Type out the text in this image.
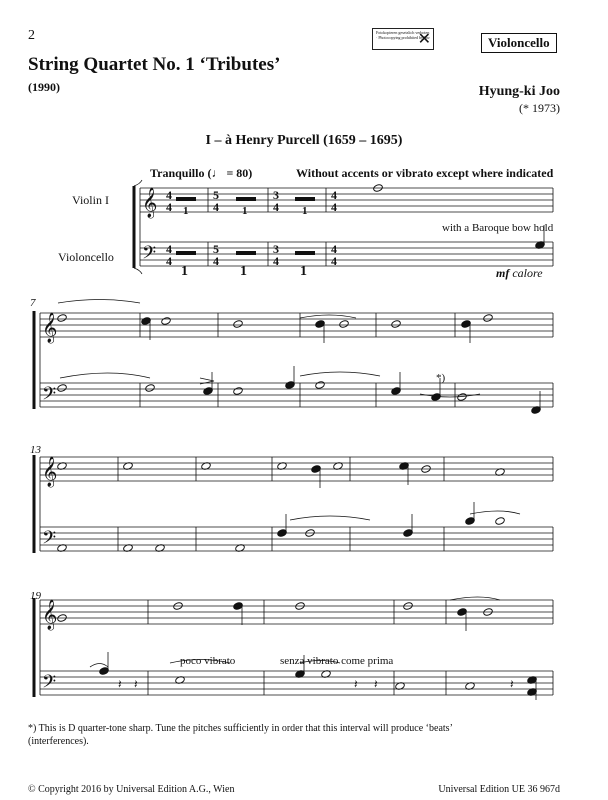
2	Fotokopieren gesetzlich verboten · Photocopying prohibited by law
✕	Violoncello
String Quartet No. 1 ‘Tributes’
(1990)	Hyung-ki Joo
(* 1973)
I – à Henry Purcell (1659 – 1695)
Tranquillo (♩ = 80)	Without accents or vibrato except where indicated
Violin I
Violoncello
with a Baroque bow hold
mf calore
1	1	1
1	1	1
7
13
19
*)
poco vibrato	senza vibrato come prima
𝄞
𝄢
𝄞
𝄢
𝄞
𝄢
𝄞
𝄢
4
4
5
4
3
4
4
4
4
4
5
4
3
4
4
4
𝄽 𝄽	𝄽 𝄽	𝄽
*) This is D quarter-tone sharp. Tune the pitches sufficiently in order that this interval will produce ‘beats’ (interferences).
© Copyright 2016 by Universal Edition A.G., Wien	Universal Edition UE 36 967d
